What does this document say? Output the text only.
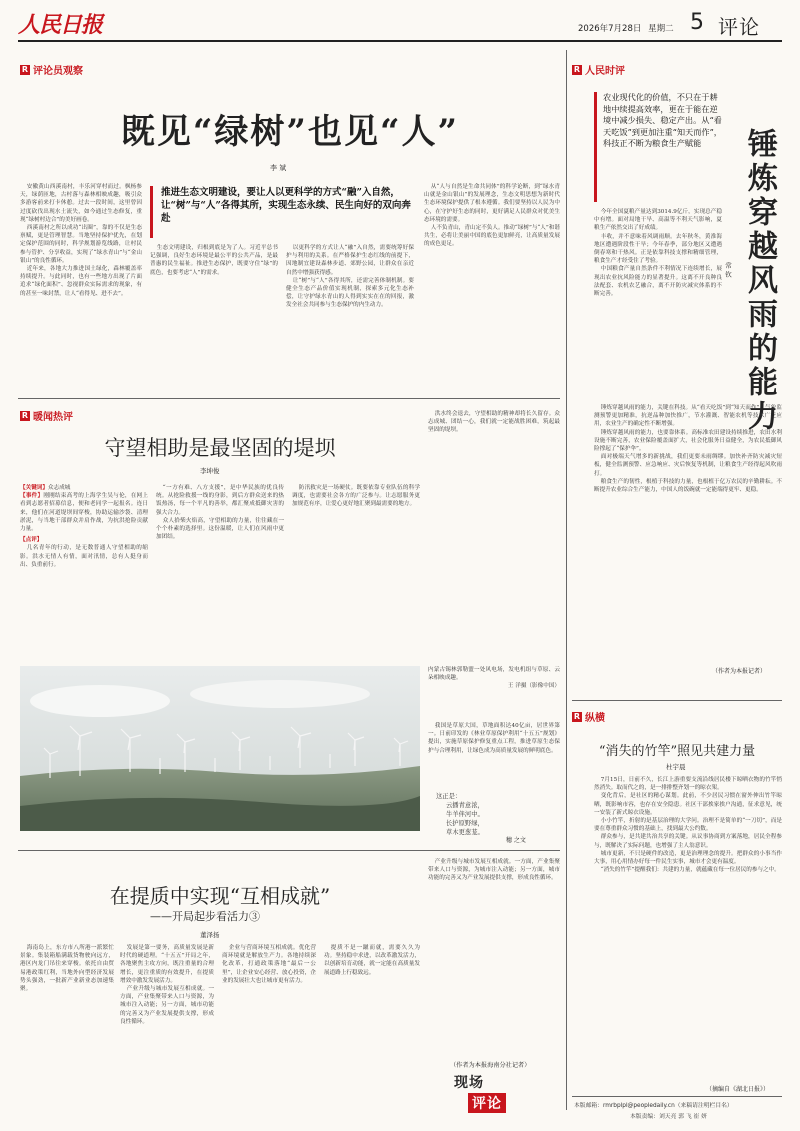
人民日报	2026年7月28日 星期二 5 评论
R 评论员观察
既见“绿树”也见“人”
李 斌

安徽黄山西溪南村，丰乐河穿村而过。枫杨参天，绿荫匝地，古村落与森林相映成趣，吸引众多游客前来打卡休憩。过去一段时间，这里曾因过度砍伐出现水土流失，如今通过生态修复，重现“绿树村边合”的美好画卷。

西溪南村之所以成功“出圈”，靠的不仅是生态禀赋，更是管理智慧。当地坚持保护优先，在划定保护范围的同时，科学规划游览线路，让村民参与管护、分享收益，实现了“绿水青山”与“金山银山”的良性循环。

近年来，各地大力推进国土绿化，森林覆盖率持续提升。与此同时，也有一些地方出现了片面追求“绿化面积”、忽视群众实际需求的现象，有的甚至一味封禁，让人“看得见、进不去”。

推进生态文明建设，要让人以更科学的方式“融”入自然，让“树”与“人”各得其所，实现生态永续、民生向好的双向奔赴

生态文明建设，归根到底是为了人。习近平总书记强调，良好生态环境是最公平的公共产品，是最普惠的民生福祉。推进生态保护，既要守住“绿”的底色，也要考虑“人”的需求。

以更科学的方式让人“融”入自然，需要统筹好保护与利用的关系。在严格保护生态红线的前提下，因地制宜建设森林步道、郊野公园，让群众在亲近自然中增强获得感。

让“树”与“人”各得其所，还需完善体制机制。要健全生态产品价值实现机制，探索多元化生态补偿，让守护绿水青山的人得到实实在在的回报，激发全社会共同参与生态保护的内生动力。

从“人与自然是生命共同体”的科学论断，到“绿水青山就是金山银山”的发展理念，生态文明思想为新时代生态环境保护提供了根本遵循。我们要坚持以人民为中心，在守护好生态的同时，更好满足人民群众对优美生态环境的需要。

人不负青山，青山定不负人。推动“绿树”与“人”和谐共生，必将让美丽中国的底色更加鲜亮，让高质量发展的成色更足。

R 暖闻热评
守望相助是最坚固的堤坝
李坤俊

【关键词】众志成城

【事件】刚刚结束高考的上海学生吴与伦，在网上看到志愿者招募信息，便和老同学一起报名。连日来，他们在河道堤坝间穿梭，协助运输沙袋、清理淤泥，与当地干部群众并肩作战，为抗洪抢险贡献力量。

【点评】

几名青年的行动，是无数普通人守望相助的缩影。洪水无情人有情，面对汛情，总有人挺身而出、负重前行。

“一方有难、八方支援”，是中华民族的优良传统。从抢险救援一线的身影，到后方群众送来的热饭热汤，每一个平凡的善举，都汇聚成抵御灾害的强大合力。

众人拾柴火焰高，守望相助的力量，往往藏在一个个朴素的选择里。这份温暖，让人们在风雨中更加团结。

防汛救灾是一场硬仗。既要依靠专业队伍的科学调度，也需要社会各方的广泛参与。让志愿服务更加规范有序，让爱心更好地汇聚到最需要的地方。

洪水终会退去，守望相助的精神却将长久留存。众志成城、团结一心，我们就一定能战胜困难，筑起最坚固的堤坝。

内蒙古锡林郭勒盟一处风电场，发电机组与草原、云朵相映成趣。
王 洋摄（影像中国）

我国是草原大国，草地面积达40亿亩，居世界第一。日前印发的《林业草原保护利用“十五五”规划》提出，实施草原保护修复重点工程，推进草原生态保护与合理利用，让绿色成为高质量发展的鲜明底色。

这正是：
云播青意浓，
牛羊伴河中。
长护原野绿，
草木更葱茏。
穗 之文
在提质中实现“互相成就”
——开局起步看活力③
董泽扬

海南岛上，东方市八所港一派繁忙景象。集装箱船满载货物驶向远方，港区内龙门吊往来穿梭。依托自由贸易港政策红利，当地外向型经济发展势头强劲，一批新产业新业态加速集聚。

发展是第一要务，高质量发展是新时代的硬道理。“十五五”开局之年，各地聚焦主攻方向，既注重量的合理增长，更注重质的有效提升，在提质增效中激发发展活力。

产业升级与城市发展互相成就。一方面，产业集聚带来人口与资源，为城市注入动能；另一方面，城市功能的完善又为产业发展提供支撑，形成良性循环。

企业与营商环境互相成就。优化营商环境就是解放生产力。各地持续深化改革，打通政策落地“最后一公里”，让企业安心经营、放心投资，企业的发展壮大也让城市更有活力。

提质不是一蹴而就，需要久久为功。坚持稳中求进，以改革激发活力，以创新培育动能，就一定能在高质量发展道路上行稳致远。

产业升级与城市发展互相成就。一方面，产业集聚带来人口与资源，为城市注入动能；另一方面，城市功能的完善又为产业发展提供支撑，形成良性循环。

（作者为本报海南分社记者）
现场
评论
R 人民时评
农业现代化的价值，不只在于耕地中续提高效率，更在于能在逆境中减少损失、稳定产出。从“看天吃饭”到更加注重“知天而作”，科技正不断为粮食生产赋能	锤炼穿越风雨的能力
常 钦

今年全国夏粮产量达到3014.9亿斤，实现总产稳中有增。面对局地干旱、高温等不利天气影响，夏粮生产依然交出了好成绩。

丰收，并不意味着风调雨顺。去年秋冬，黄淮海地区遭遇阶段性干旱；今年春季，部分地区又遭遇倒春寒和干热风。正是依靠科技支撑和精细管理，粮食生产才经受住了考验。

中国粮食产量自然条件不利情况下连续增长，展现出农业抗风险能力的显著提升。这离不开良种良法配套、农机农艺融合，离不开防灾减灾体系的不断完善。

锤炼穿越风雨的能力，关键在科技。从“看天吃饭”到“知天而作”，气象监测预警更加精准，抗逆品种加快推广，节水灌溉、智能农机等技术广泛应用，农业生产的确定性不断增强。

锤炼穿越风雨的能力，也要靠体系。高标准农田建设持续推进，农田水利设施不断完善，农业保险覆盖面扩大，社会化服务日益健全，为农民抵御风险撑起了“保护伞”。

面对极端天气增多的新挑战，我们更要未雨绸缪。加快补齐防灾减灾短板，健全监测预警、应急响应、灾后恢复等机制，让粮食生产经得起风吹雨打。

粮食生产的韧性，根植于科技的力量，也根植于亿万农民的辛勤耕耘。不断提升农业综合生产能力，中国人的饭碗就一定能端得更牢、更稳。

（作者为本报记者）
R 纵横
“消失的竹竿”照见共建力量
杜宇晨

7月15日，日前不久，长江上游重要支流沿线居民楼下晾晒衣物的竹竿悄然消失。取而代之的，是一排排整齐划一的晾衣架。

变化背后，是社区的精心谋划。此前，不少居民习惯在窗外伸出竹竿晾晒，既影响市容，也存在安全隐患。社区干部挨家挨户沟通，征求意见，统一安装了新式晾衣设施。

小小竹竿，折射的是基层治理的大学问。治理不是简单的“一刀切”，而是要在尊重群众习惯的基础上，找到最大公约数。

群众参与，是共建共治共享的关键。从议事协商到方案落地，居民全程参与，既解决了实际问题，也增强了主人翁意识。

城市更新，不只是硬件的改造，更是治理理念的提升。把群众的小事当作大事，用心用情办好每一件民生实事，城市才会更有温度。

“消失的竹竿”提醒我们：共建的力量，就蕴藏在每一位居民的参与之中。

（摘编自《湖北日报》）
本版邮箱：rmrbplpl@peopledaily.cn（来稿请注明栏目名）
本版责编：刘天亮 郭 飞 崔 妍
